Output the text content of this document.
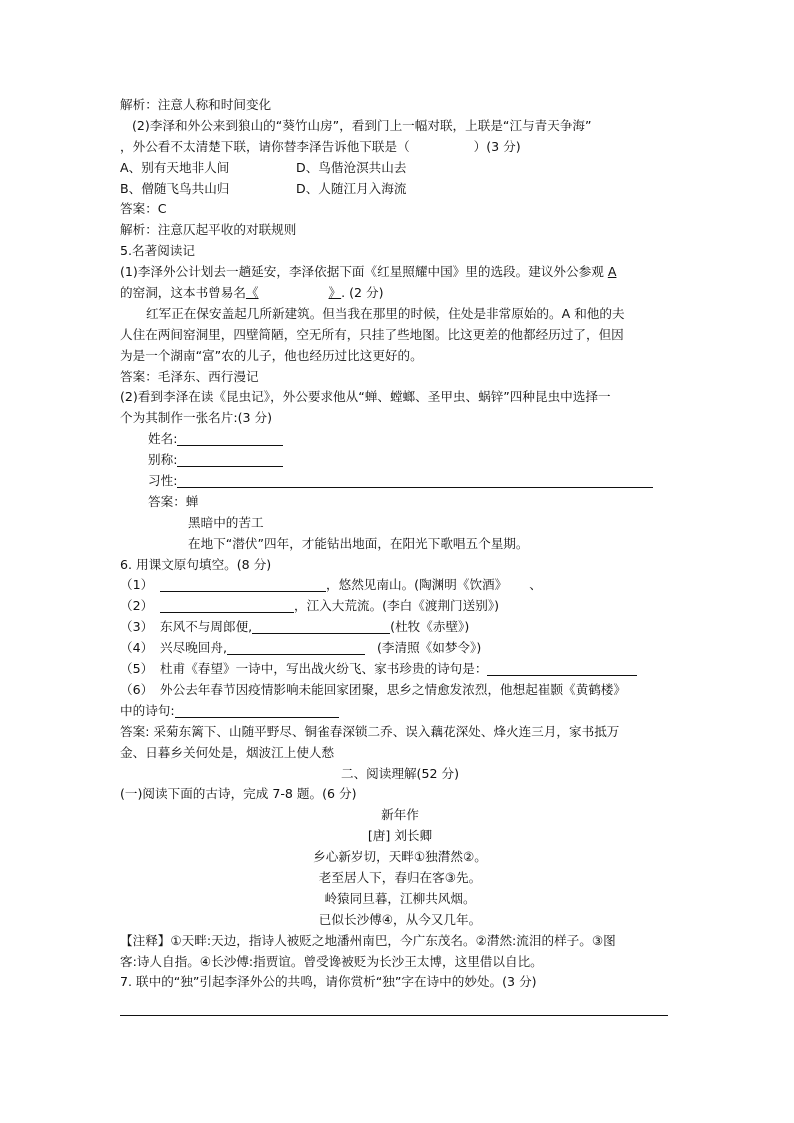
解析：注意人称和时间变化
(2)李泽和外公来到狼山的“葵竹山房”，看到门上一幅对联，上联是“江与青天争海”
，外公看不太清楚下联，请你替李泽告诉他下联是（	）(3 分)
A、别有天地非人间	D、鸟偕沧溟共山去
B、僧随飞鸟共山归	D、人随江月入海流
答案：C
解析：注意仄起平收的对联规则
5.名著阅读记
(1)李泽外公计划去一趟延安，李泽依据下面《红星照耀中国》里的选段。建议外公参观 A
的窑洞，这本书曾易名《	》. (2 分)
红军正在保安盖起几所新建筑。但当我在那里的时候，住处是非常原始的。A 和他的夫
人住在两间窑洞里，四壁简陋，空无所有，只挂了些地图。比这更差的他都经历过了，但因
为是一个湖南“富”农的儿子，他也经历过比这更好的。
答案：毛泽东、西行漫记
(2)看到李泽在读《昆虫记》，外公要求他从“蝉、螳螂、圣甲虫、蜗锌”四种昆虫中选择一
个为其制作一张名片:(3 分)
姓名:
别称:
习性:
答案：蝉
黑暗中的苦工
在地下“潜伏”四年，才能钻出地面，在阳光下歌唱五个星期。
6. 用课文原句填空。(8 分)
（1）	，悠然见南山。(陶渊明《饮酒》 、
（2）	，江入大荒流。(李白《渡荆门送别》)
（3） 东风不与周郎便,	(杜牧《赤壁》)
（4） 兴尽晚回舟,	(李清照《如梦令》)
（5） 杜甫《春望》一诗中，写出战火纷飞、家书珍贵的诗句是：
（6） 外公去年春节因疫情影响未能回家团聚，思乡之情愈发浓烈，他想起崔颢《黄鹤楼》
中的诗句:
答案: 采菊东篱下、山随平野尽、铜雀春深锁二乔、误入藕花深处、烽火连三月，家书抵万
金、日暮乡关何处是，烟波江上使人愁
二、阅读理解(52 分)
(一)阅读下面的古诗，完成 7-8 题。(6 分)
新年作
[唐] 刘长卿
乡心新岁切，天畔①独潸然②。
老至居人下，春归在客③先。
岭猿同旦暮，江柳共风烟。
已似长沙傅④，从今又几年。
【注释】①天畔:天边，指诗人被贬之地潘州南巴，今广东茂名。②潸然:流泪的样子。③图
客:诗人自指。④长沙傅:指贾谊。曾受谗被贬为长沙王太博，这里借以自比。
7. 联中的“独”引起李泽外公的共鸣，请你赏析“独”字在诗中的妙处。(3 分)
